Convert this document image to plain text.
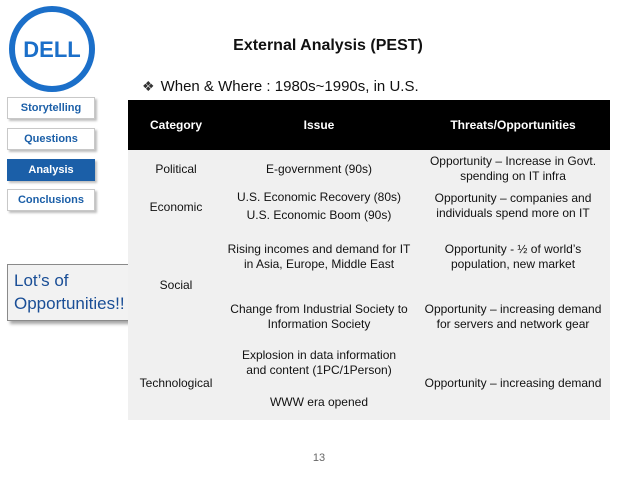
DELL
Storytelling
Questions
Analysis
Conclusions
Lot’s of
Opportunities!!
External Analysis (PEST)
❖ When & Where : 1980s~1990s, in U.S.
Category	Issue	Threats/Opportunities
Political
Economic
Social
Technological
E-government (90s)
U.S. Economic Recovery (80s)
U.S. Economic Boom (90s)
Rising incomes and demand for IT in Asia, Europe, Middle East
Change from Industrial Society to Information Society
Explosion in data information and content (1PC/1Person)
WWW era opened
Opportunity – Increase in Govt. spending on IT infra
Opportunity – companies and individuals spend more on IT
Opportunity - ½ of world’s population, new market
Opportunity – increasing demand for servers and network gear
Opportunity – increasing demand
13
